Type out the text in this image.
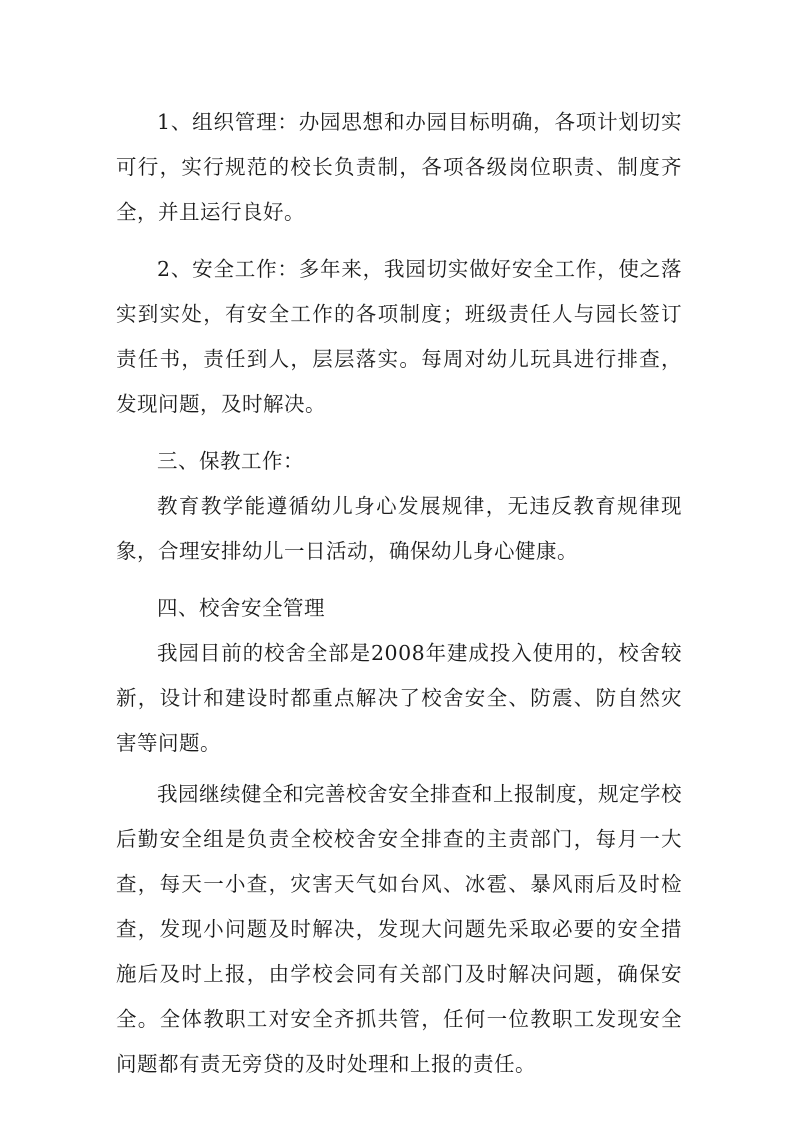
1、组织管理：办园思想和办园目标明确，各项计划切实可行，实行规范的校长负责制，各项各级岗位职责、制度齐全，并且运行良好。

2、安全工作：多年来，我园切实做好安全工作，使之落实到实处，有安全工作的各项制度；班级责任人与园长签订责任书，责任到人，层层落实。每周对幼儿玩具进行排查，发现问题，及时解决。

三、保教工作：

教育教学能遵循幼儿身心发展规律，无违反教育规律现象，合理安排幼儿一日活动，确保幼儿身心健康。

四、校舍安全管理

我园目前的校舍全部是2008年建成投入使用的，校舍较新，设计和建设时都重点解决了校舍安全、防震、防自然灾害等问题。

我园继续健全和完善校舍安全排查和上报制度，规定学校后勤安全组是负责全校校舍安全排查的主责部门，每月一大查，每天一小查，灾害天气如台风、冰雹、暴风雨后及时检查，发现小问题及时解决，发现大问题先采取必要的安全措施后及时上报，由学校会同有关部门及时解决问题，确保安全。全体教职工对安全齐抓共管，任何一位教职工发现安全问题都有责无旁贷的及时处理和上报的责任。
